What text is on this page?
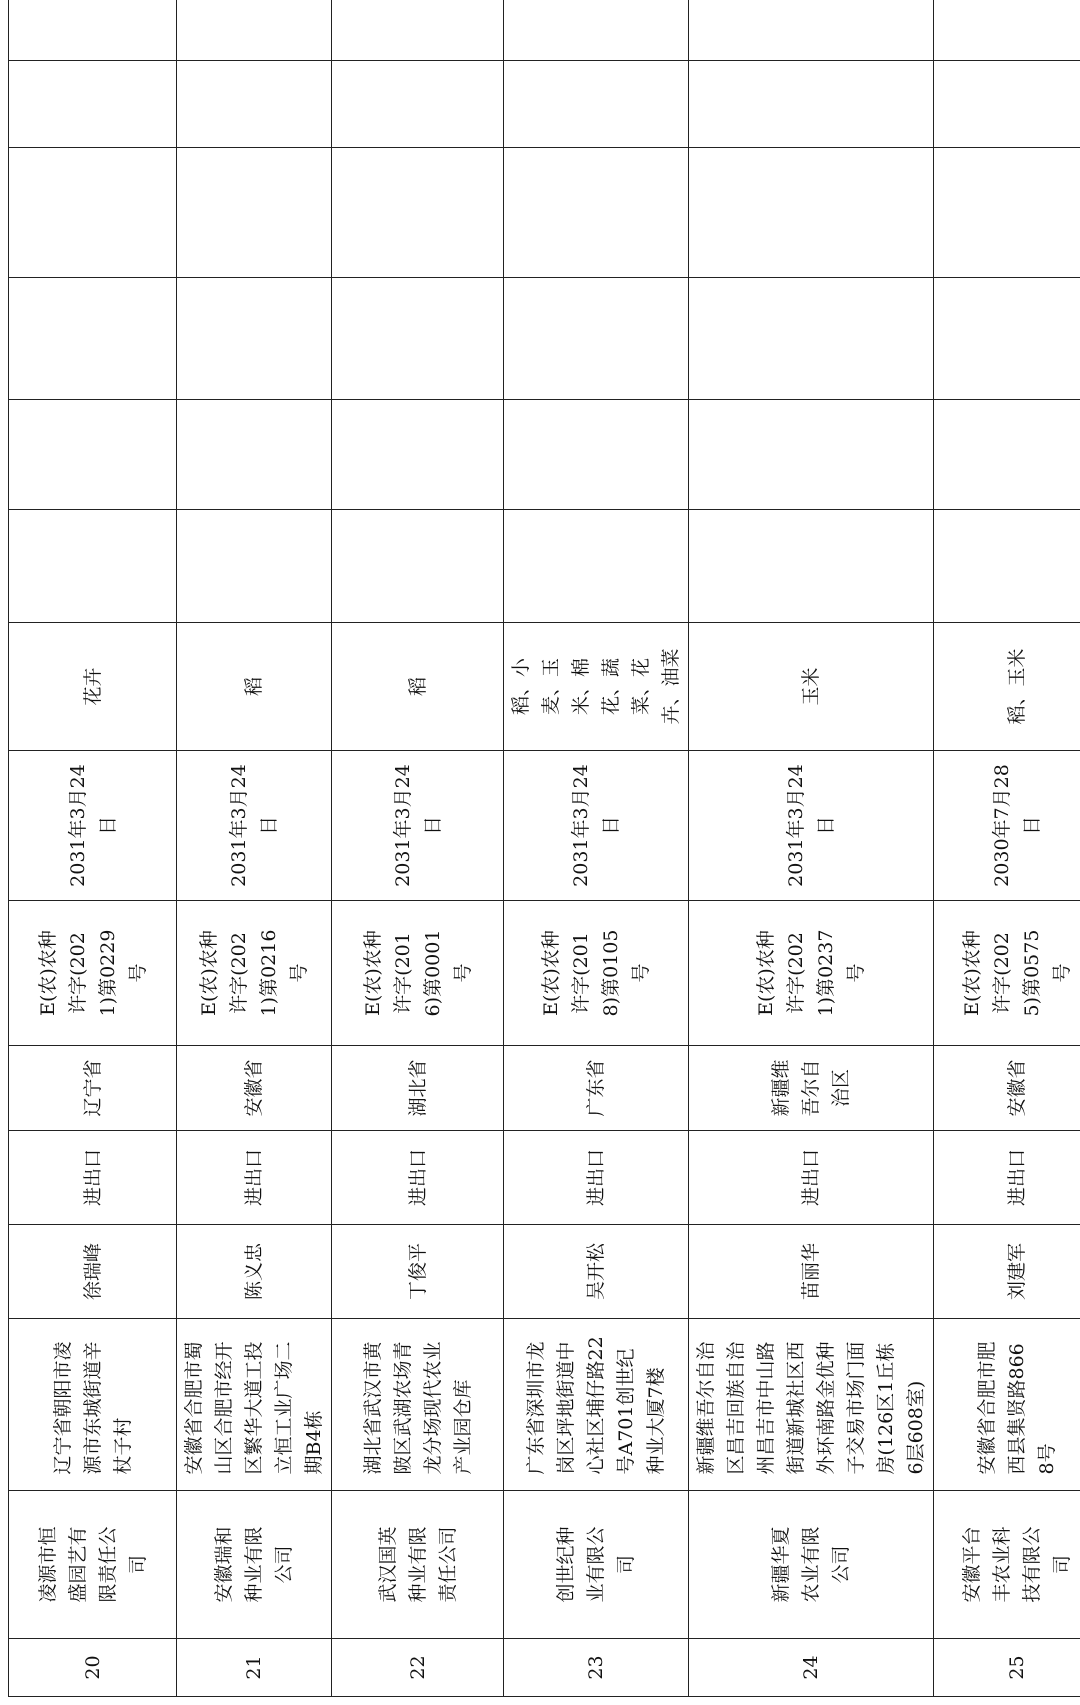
20	凌源市恒盛园艺有限责任公司	辽宁省朝阳市凌源市东城街道辛杖子村	徐瑞峰	进出口	辽宁省	E(农)农种许字(2021)第0229号	2031年3月24日	花卉							
21	安徽瑞和种业有限公司	安徽省合肥市蜀山区合肥市经开区繁华大道工投立恒工业广场二期B4栋	陈义忠	进出口	安徽省	E(农)农种许字(2021)第0216号	2031年3月24日	稻							
22	武汉国英种业有限责任公司	湖北省武汉市黄陂区武湖农场青龙分场现代农业产业园仓库	丁俊平	进出口	湖北省	E(农)农种许字(2016)第0001号	2031年3月24日	稻							
23	创世纪种业有限公司	广东省深圳市龙岗区坪地街道中心社区埔仔路22号A701创世纪种业大厦7楼	吴开松	进出口	广东省	E(农)农种许字(2018)第0105号	2031年3月24日	稻、小麦、玉米、棉花、蔬菜、花卉、油菜							
24	新疆华夏农业有限公司	新疆维吾尔自治区昌吉回族自治州昌吉市中山路街道新城社区西外环南路金优种子交易市场门面房(126区1丘栋6层608室)	苗丽华	进出口	新疆维吾尔自治区	E(农)农种许字(2021)第0237号	2031年3月24日	玉米							
25	安徽平台丰农业科技有限公司	安徽省合肥市肥西县集贤路8668号	刘建军	进出口	安徽省	E(农)农种许字(2025)第0575号	2030年7月28日	稻、玉米							
